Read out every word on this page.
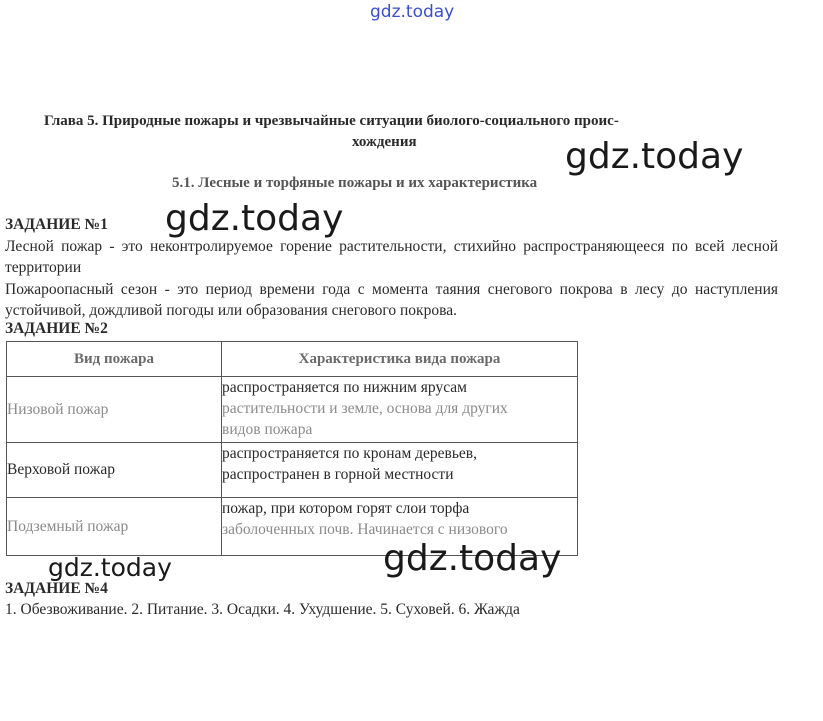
gdz.today
Глава 5. Природные пожары и чрезвычайные ситуации биолого-социального проис-
хождения
5.1. Лесные и торфяные пожары и их характеристика
ЗАДАНИЕ №1
Лесной пожар - это неконтролируемое горение растительности, стихийно распространяющееся по всей лесной территории
Пожароопасный сезон - это период времени года с момента таяния снегового покрова в лесу до наступления устойчивой, дождливой погоды или образования снегового покрова.
ЗАДАНИЕ №2
Вид пожара	Характеристика вида пожара
Низовой пожар	распространяется по нижним ярусам
растительности и земле, основа для других
видов пожара

Верховой пожар	распространяется по кронам деревьев,
распространен в горной местности

Подземный пожар	пожар, при котором горят слои торфа
заболоченных почв. Начинается с низового
ЗАДАНИЕ №4
1. Обезвоживание. 2. Питание. 3. Осадки. 4. Ухудшение. 5. Суховей. 6. Жажда
gdz.today
gdz.today
gdz.today
gdz.today
